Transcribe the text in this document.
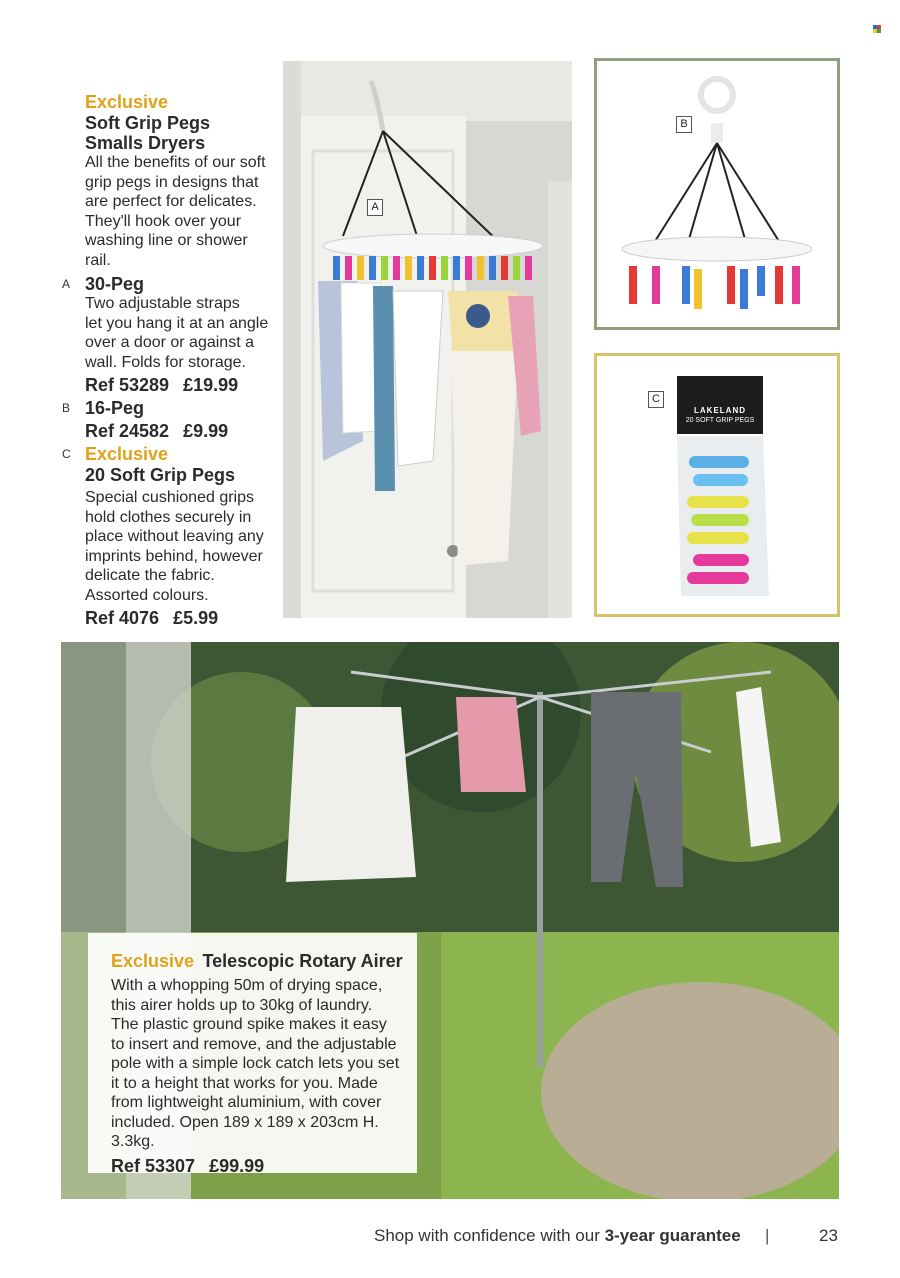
Exclusive
Soft Grip Pegs
Smalls Dryers
All the benefits of our soft
grip pegs in designs that
are perfect for delicates.
They'll hook over your
washing line or shower rail.
A 30-Peg
Two adjustable straps
let you hang it at an angle
over a door or against a
wall. Folds for storage.
Ref 53289 £19.99
B 16-Peg
Ref 24582 £9.99
C Exclusive
20 Soft Grip Pegs
Special cushioned grips
hold clothes securely in
place without leaving any
imprints behind, however
delicate the fabric.
Assorted colours.
Ref 4076 £5.99
A
B
LAKELAND
20 SOFT GRIP PEGS
C
Exclusive Telescopic Rotary Airer
With a whopping 50m of drying space,
this airer holds up to 30kg of laundry.
The plastic ground spike makes it easy
to insert and remove, and the adjustable
pole with a simple lock catch lets you set
it to a height that works for you. Made
from lightweight aluminium, with cover
included. Open 189 x 189 x 203cm H. 3.3kg.
Ref 53307 £99.99
Shop with confidence with our 3-year guarantee |	23
